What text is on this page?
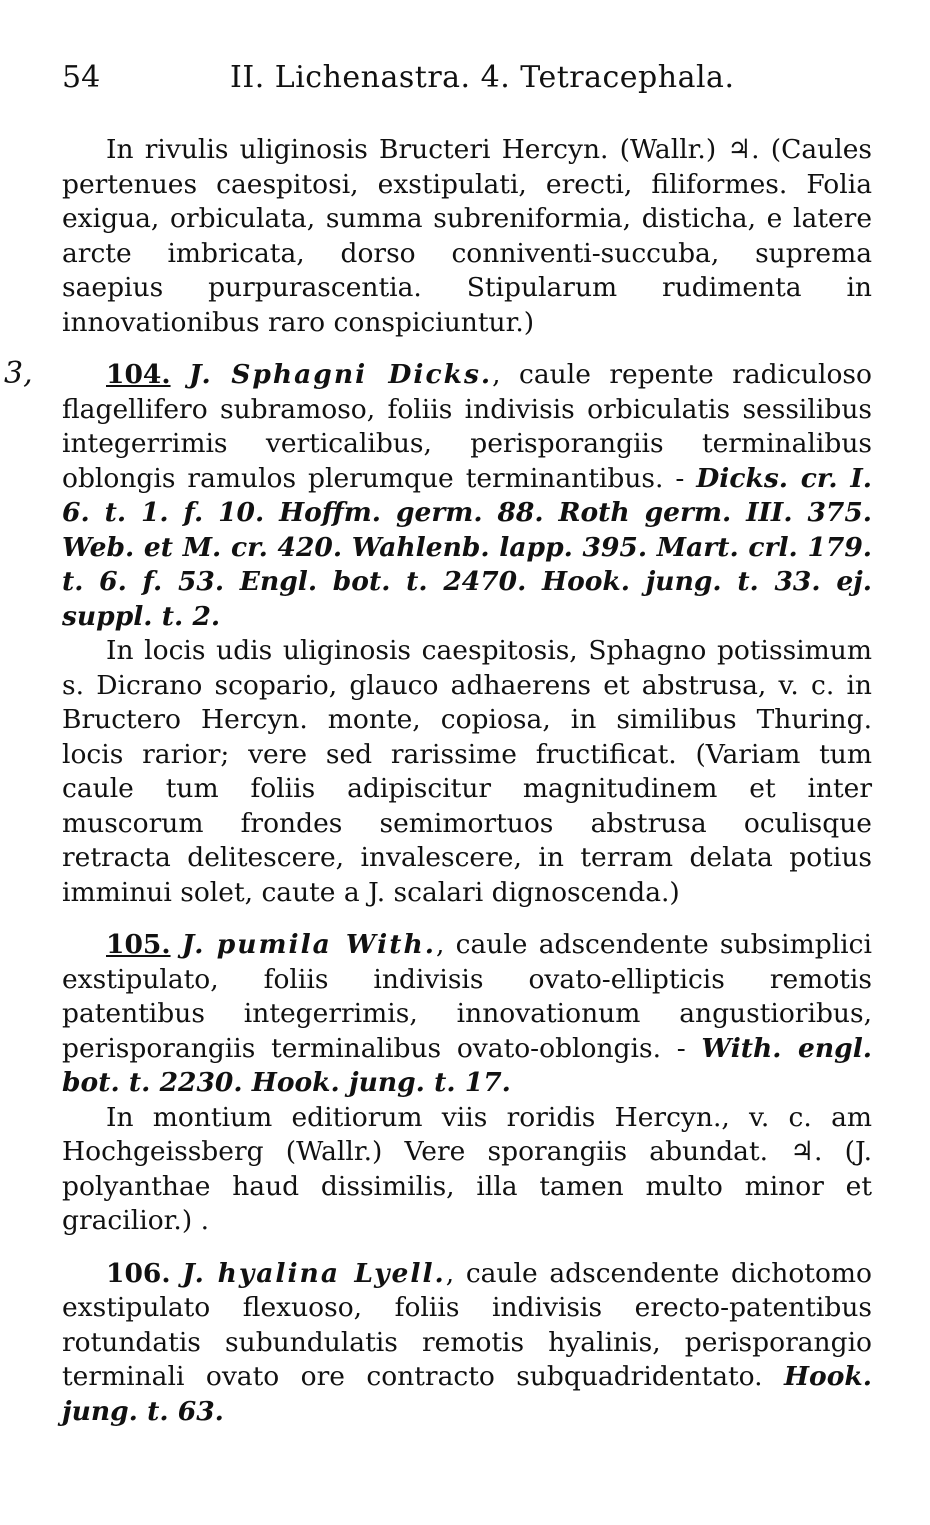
54	II. Lichenastra. 4. Tetracephala.
3,

In rivulis uliginosis Bructeri Hercyn. (Wallr.) ♃. (Caules pertenues caespitosi, exstipulati, erecti, filiformes. Folia exigua, orbiculata, summa subreniformia, disticha, e latere arcte imbricata, dorso conniventi-succuba, suprema saepius purpurascentia. Stipularum rudimenta in innovationibus raro conspiciuntur.)

104. J. Sphagni Dicks., caule repente radiculoso flagellifero subramoso, foliis indivisis orbiculatis sessilibus integerrimis verticalibus, perisporangiis terminalibus oblongis ramulos plerumque terminantibus. - Dicks. cr. I. 6. t. 1. f. 10. Hoffm. germ. 88. Roth germ. III. 375. Web. et M. cr. 420. Wahlenb. lapp. 395. Mart. crl. 179. t. 6. f. 53. Engl. bot. t. 2470. Hook. jung. t. 33. ej. suppl. t. 2.

In locis udis uliginosis caespitosis, Sphagno potissimum s. Dicrano scopario, glauco adhaerens et abstrusa, v. c. in Bructero Hercyn. monte, copiosa, in similibus Thuring. locis rarior; vere sed rarissime fructificat. (Variam tum caule tum foliis adipiscitur magnitudinem et inter muscorum frondes semimortuos abstrusa oculisque retracta delitescere, invalescere, in terram delata potius imminui solet, caute a J. scalari dignoscenda.)

105. J. pumila With., caule adscendente subsimplici exstipulato, foliis indivisis ovato-ellipticis remotis patentibus integerrimis, innovationum angustioribus, perisporangiis terminalibus ovato-oblongis. - With. engl. bot. t. 2230. Hook. jung. t. 17.

In montium editiorum viis roridis Hercyn., v. c. am Hochgeissberg (Wallr.) Vere sporangiis abundat. ♃. (J. polyanthae haud dissimilis, illa tamen multo minor et gracilior.) .

106. J. hyalina Lyell., caule adscendente dichotomo exstipulato flexuoso, foliis indivisis erecto-patentibus rotundatis subundulatis remotis hyalinis, perisporangio terminali ovato ore contracto subquadridentato. Hook. jung. t. 63.
